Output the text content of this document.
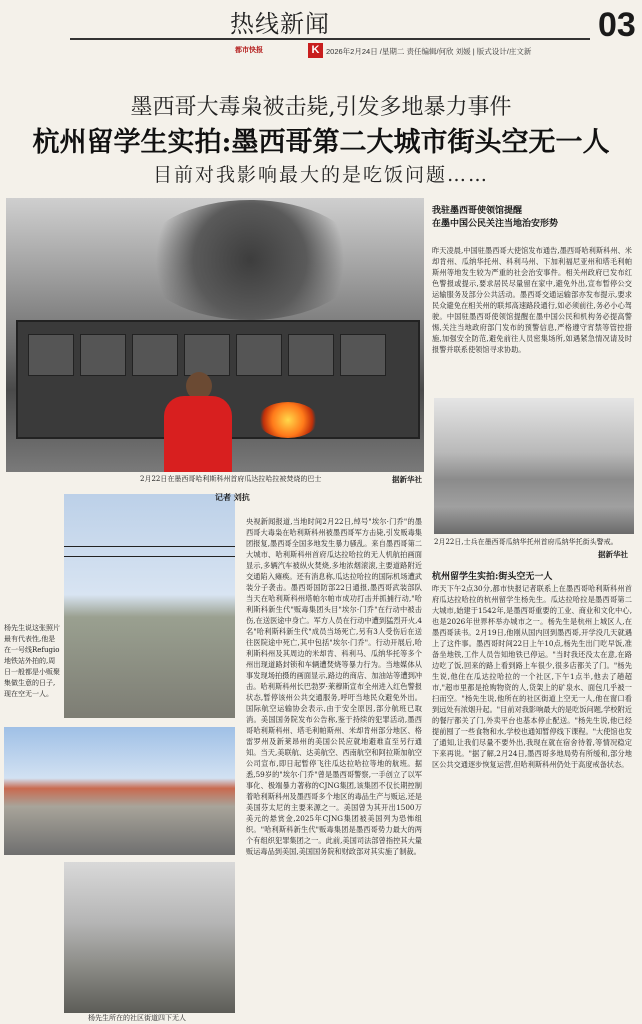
热线新闻
都市快报	K 2026年2月24日 /星期二 责任编辑/何欣 刘媛 | 版式设计/庄文新
03
墨西哥大毒枭被击毙,引发多地暴力事件
杭州留学生实拍:墨西哥第二大城市街头空无一人
目前对我影响最大的是吃饭问题……
2月22日在墨西哥哈利斯科州首府瓜达拉哈拉被焚烧的巴士	据新华社
杨先生说这张照片最有代表性,他是在一号线Refugio地铁站外拍的,周日一般都是小贩聚集做生意的日子,现在空无一人。
杨先生所在的社区街道四下无人
记者 刘抗
央视新闻报道,当地时间2月22日,绰号"埃尔·门乔"的墨西哥大毒枭在哈利斯科州被墨西哥军方击毙,引发贩毒集团报复,墨西哥全国多地发生暴力骚乱。来自墨西哥第二大城市、哈利斯科州首府瓜达拉哈拉的无人机航拍画面显示,多辆汽车被纵火焚烧,多地浓烟滚滚,主要道路附近交通陷入瘫痪。还有消息称,瓜达拉哈拉的国际机场遭武装分子袭击。墨西哥国防部22日通报,墨西哥武装部队当天在哈利斯科州塔帕尔帕市成功打击并抓捕行动,"哈利斯科新生代"贩毒集团头目"埃尔·门乔"在行动中被击伤,在送医途中身亡。军方人员在行动中遭到猛烈开火,4名"哈利斯科新生代"成员当场死亡,另有3人受伤后在送往医院途中死亡,其中包括"埃尔·门乔"。行动开展后,哈利斯科州及其周边的米却肯、科利马、瓜纳华托等多个州出现道路封锁和车辆遭焚烧等暴力行为。当地媒体从事发现场拍摄的画面显示,路边的商店、加油站等遭到冲击。哈利斯科州长巴勃罗·莱穆斯宣布全州进入红色警报状态,暂停该州公共交通服务,呼吁当地民众避免外出。国际航空运输协会表示,由于安全原因,部分航班已取消。美国国务院发布公告称,鉴于持续的犯罪活动,墨西哥哈利斯科州、塔毛利帕斯州、米却肯州部分地区、格雷罗州及新莱昂州的美国公民应就地避难直至另行通知。当天,美联航、达美航空、西南航空和阿拉斯加航空公司宣布,即日起暂停飞往瓜达拉哈拉等地的航班。据悉,59岁的"埃尔·门乔"曾是墨西哥警察,一手创立了以军事化、极端暴力著称的CJNG集团,该集团不仅长期控制着哈利斯科州及墨西哥多个地区的毒品生产与贩运,还是美国芬太尼的主要来源之一。美国曾为其开出1500万美元的悬赏金,2025年CJNG集团被美国列为恐怖组织。"哈利斯科新生代"贩毒集团是墨西哥势力最大的两个有组织犯罪集团之一。此前,美国司法部曾指控其大量贩运毒品到美国,美国国务院和财政部对其实施了制裁。
我驻墨西哥使领馆提醒
在墨中国公民关注当地治安形势
昨天凌晨,中国驻墨西哥大使馆发布通告,墨西哥哈利斯科州、米却肯州、瓜纳华托州、科利马州、下加利福尼亚州和塔毛利帕斯州等地发生较为严重的社会治安事件。相关州政府已发布红色警报或提示,要求居民尽量留在家中,避免外出,宣布暂停公交运输服务及部分公共活动。墨西哥交通运输部亦发布提示,要求民众避免在相关州的联邦高速路段通行,如必须前往,务必小心驾驶。中国驻墨西哥使领馆提醒在墨中国公民和机构务必提高警惕,关注当地政府部门发布的预警信息,严格遵守宵禁等管控措施,加强安全防范,避免前往人员密集场所,如遇紧急情况请及时报警并联系使领馆寻求协助。
2月22日,士兵在墨西哥瓜纳华托州首府瓜纳华托街头警戒。
据新华社
杭州留学生实拍:街头空无一人
昨天下午2点30分,都市快报记者联系上在墨西哥哈利斯科州首府瓜达拉哈拉的杭州留学生杨先生。瓜达拉哈拉是墨西哥第二大城市,始建于1542年,是墨西哥重要的工业、商业和文化中心,也是2026年世界杯举办城市之一。杨先生是杭州上城区人,在墨西哥读书。2月19日,他刚从国内回到墨西哥,开学没几天就遇上了这件事。墨西哥时间22日上午10点,杨先生出门吃早饭,准备坐地铁,工作人员告知地铁已停运。"当时我还没太在意,在路边吃了饭,回来的路上看到路上车很少,很多店都关了门。"杨先生说,他住在瓜达拉哈拉的一个社区,下午1点半,他去了趟超市,"超市里都是抢购物资的人,货架上的矿泉水、面包几乎被一扫而空。"杨先生说,他所在的社区街道上空无一人,他在窗口看到远处有浓烟升起。"目前对我影响最大的是吃饭问题,学校附近的餐厅都关了门,外卖平台也基本停止配送。"杨先生说,他已经提前囤了一些食物和水,学校也通知暂停线下课程。"大使馆也发了通知,让我们尽量不要外出,我现在就在宿舍待着,等情况稳定下来再说。"据了解,2月24日,墨西哥多地局势有所缓和,部分地区公共交通逐步恢复运营,但哈利斯科州仍处于高度戒备状态。
